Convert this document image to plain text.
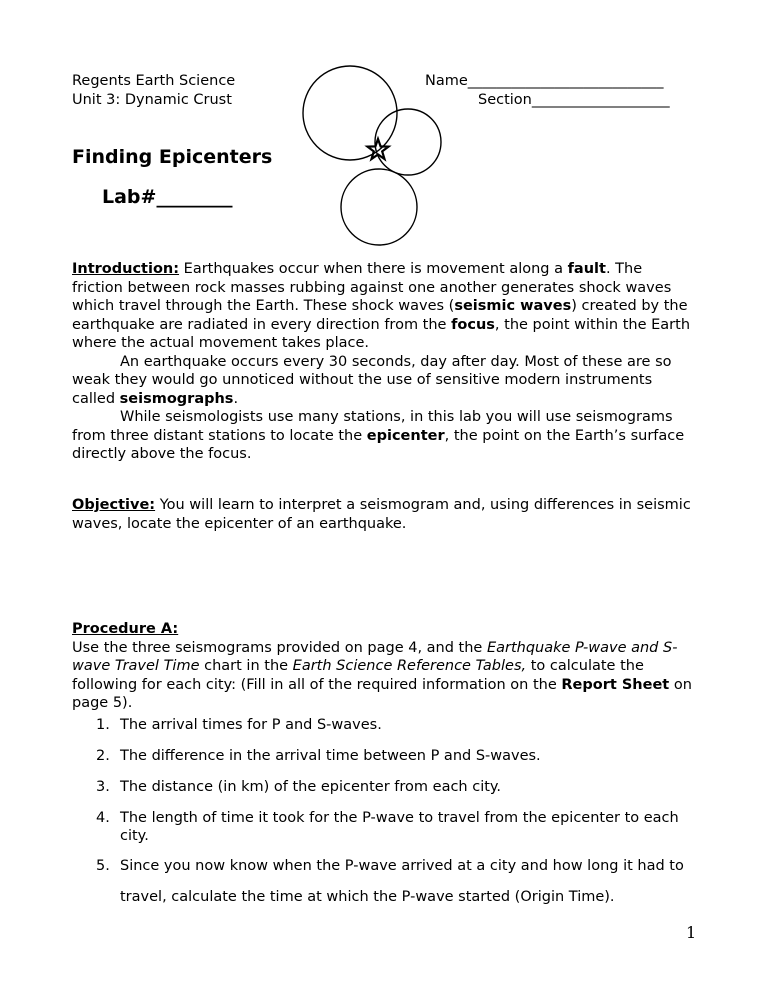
Regents Earth Science
Unit 3: Dynamic Crust
Name___________________________
Section___________________
Finding Epicenters
Lab#________
Introduction: Earthquakes occur when there is movement along a fault. The friction between rock masses rubbing against one another generates shock waves which travel through the Earth. These shock waves (seismic waves) created by the earthquake are radiated in every direction from the focus, the point within the Earth where the actual movement takes place.
An earthquake occurs every 30 seconds, day after day. Most of these are so weak they would go unnoticed without the use of sensitive modern instruments called seismographs.
While seismologists use many stations, in this lab you will use seismograms from three distant stations to locate the epicenter, the point on the Earth’s surface directly above the focus.
Objective: You will learn to interpret a seismogram and, using differences in seismic waves, locate the epicenter of an earthquake.
Procedure A:
Use the three seismograms provided on page 4, and the Earthquake P-wave and S-wave Travel Time chart in the Earth Science Reference Tables, to calculate the following for each city: (Fill in all of the required information on the Report Sheet on page 5).
1. The arrival times for P and S-waves.
2. The difference in the arrival time between P and S-waves.
3. The distance (in km) of the epicenter from each city.
4. The length of time it took for the P-wave to travel from the epicenter to each city.
5. Since you now know when the P-wave arrived at a city and how long it had to travel, calculate the time at which the P-wave started (Origin Time).
1
